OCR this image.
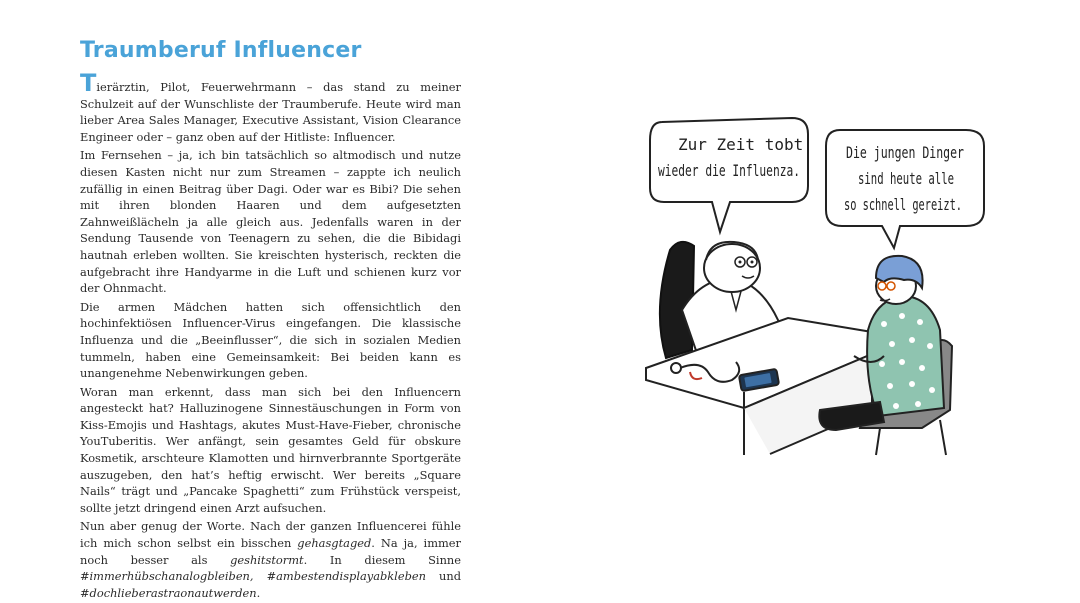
Traumberuf Influencer

Tierärztin, Pilot, Feuerwehrmann – das stand zu meiner Schulzeit auf der Wunschliste der Traumberufe. Heute wird man lieber Area Sales Manager, Executive Assistant, Vision Clearance Engineer oder – ganz oben auf der Hitliste: Influencer.

Im Fernsehen – ja, ich bin tatsächlich so altmodisch und nutze diesen Kasten nicht nur zum Streamen – zappte ich neulich zufällig in einen Beitrag über Dagi. Oder war es Bibi? Die sehen mit ihren blonden Haaren und dem aufgesetzten Zahnweißlächeln ja alle gleich aus. Jedenfalls waren in der Sendung Tausende von Teenagern zu sehen, die die Bibidagi hautnah erleben wollten. Sie kreischten hysterisch, reckten die aufgebracht ihre Handyarme in die Luft und schienen kurz vor der Ohnmacht.

Die armen Mädchen hatten sich offensichtlich den hochinfektiösen Influencer-Virus eingefangen. Die klassische Influenza und die „Beeinflusser“, die sich in sozialen Medien tummeln, haben eine Gemeinsamkeit: Bei beiden kann es unangenehme Nebenwirkungen geben.

Woran man erkennt, dass man sich bei den Influencern angesteckt hat? Halluzinogene Sinnestäuschungen in Form von Kiss-Emojis und Hashtags, akutes Must-Have-Fieber, chronische YouTuberitis. Wer anfängt, sein gesamtes Geld für obskure Kosmetik, arschteure Klamotten und hirnverbrannte Sportgeräte auszugeben, den hat’s heftig erwischt. Wer bereits „Square Nails“ trägt und „Pancake Spaghetti“ zum Frühstück verspeist, sollte jetzt dringend einen Arzt aufsuchen.

Nun aber genug der Worte. Nach der ganzen Influencerei fühle ich mich schon selbst ein bisschen gehasgtaged. Na ja, immer noch besser als geshitstormt. In diesem Sinne #immerhübschanalogbleiben, #ambestendisplayabkleben und #dochlieberastraonautwerden.

Zur Zeit tobt
wieder die Influenza.
Die jungen Dinger
sind heute alle
so schnell gereizt.
